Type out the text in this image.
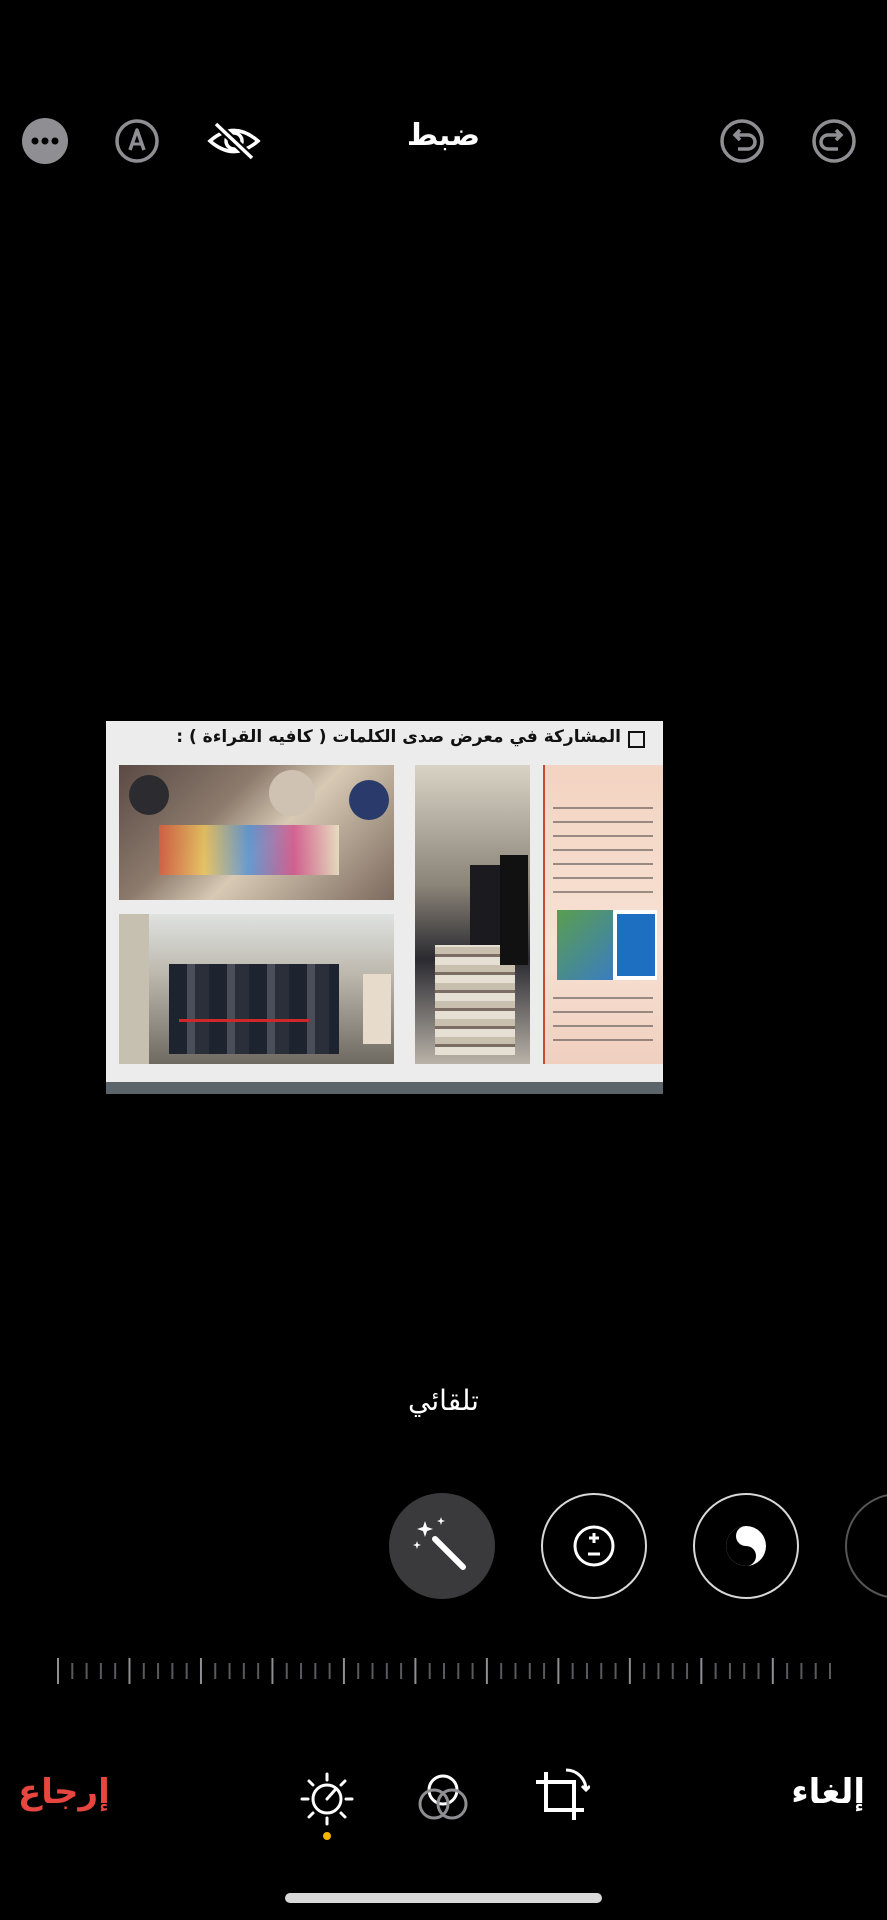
ضبط
المشاركة في معرض صدى الكلمات ( كافيه القراءة ) :
تلقائي
إرجاع	إلغاء
